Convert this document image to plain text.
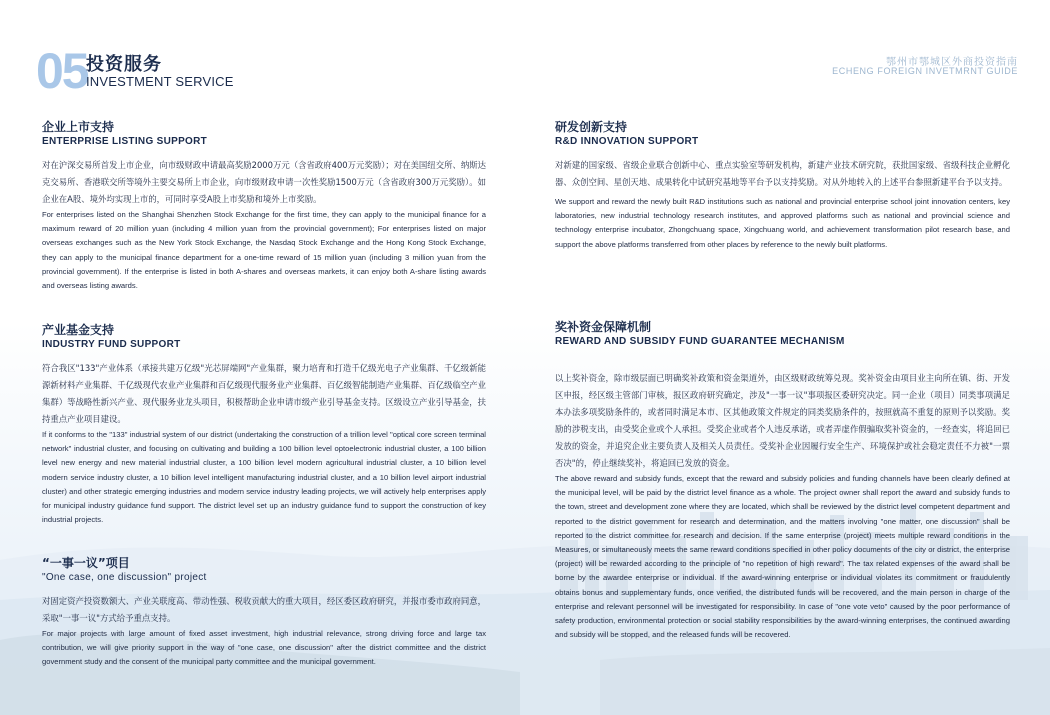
05
投资服务
INVESTMENT SERVICE
鄂州市鄂城区外商投资指南
ECHENG FOREIGN INVETMRNT GUIDE
企业上市支持
ENTERPRISE LISTING SUPPORT
对在沪深交易所首发上市企业，向市级财政申请最高奖励2000万元（含省政府400万元奖励）；对在美国纽交所、纳斯达克交易所、香港联交所等境外主要交易所上市企业，向市级财政申请一次性奖励1500万元（含省政府300万元奖励）。如企业在A股、境外均实现上市的，可同时享受A股上市奖励和境外上市奖励。
For enterprises listed on the Shanghai Shenzhen Stock Exchange for the first time, they can apply to the municipal finance for a maximum reward of 20 million yuan (including 4 million yuan from the provincial government); For enterprises listed on major overseas exchanges such as the New York Stock Exchange, the Nasdaq Stock Exchange and the Hong Kong Stock Exchange, they can apply to the municipal finance department for a one-time reward of 15 million yuan (including 3 million yuan from the provincial government). If the enterprise is listed in both A-shares and overseas markets, it can enjoy both A-share listing awards and overseas listing awards.
产业基金支持
INDUSTRY FUND SUPPORT
符合我区"133"产业体系（承接共建万亿级"光芯屏端网"产业集群，聚力培育和打造千亿级光电子产业集群、千亿级新能源新材料产业集群、千亿级现代农业产业集群和百亿级现代服务业产业集群、百亿级智能制造产业集群、百亿级临空产业集群）等战略性新兴产业、现代服务业龙头项目，积极帮助企业申请市级产业引导基金支持。区级设立产业引导基金，扶持重点产业项目建设。
If it conforms to the "133" industrial system of our district (undertaking the construction of a trillion level "optical core screen terminal network" industrial cluster, and focusing on cultivating and building a 100 billion level optoelectronic industrial cluster, a 100 billion level new energy and new material industrial cluster, a 100 billion level modern agricultural industrial cluster, a 10 billion level modern service industry cluster, a 10 billion level intelligent manufacturing industrial cluster, and a 10 billion level airport industrial cluster) and other strategic emerging industries and modern service industry leading projects, we will actively help enterprises apply for municipal industry guidance fund support. The district level set up an industry guidance fund to support the construction of key industrial projects.
“一事一议”项目
"One case, one discussion" project
对固定资产投资数额大、产业关联度高、带动性强、税收贡献大的重大项目，经区委区政府研究，并报市委市政府同意，采取"一事一议"方式给予重点支持。
For major projects with large amount of fixed asset investment, high industrial relevance, strong driving force and large tax contribution, we will give priority support in the way of "one case, one discussion" after the district committee and the district government study and the consent of the municipal party committee and the municipal government.
研发创新支持
R&D INNOVATION SUPPORT
对新建的国家级、省级企业联合创新中心、重点实验室等研发机构，新建产业技术研究院，获批国家级、省级科技企业孵化器、众创空间、星创天地、成果转化中试研究基地等平台予以支持奖励。对从外地转入的上述平台参照新建平台予以支持。
We support and reward the newly built R&D institutions such as national and provincial enterprise school joint innovation centers, key laboratories, new industrial technology research institutes, and approved platforms such as national and provincial science and technology enterprise incubator, Zhongchuang space, Xingchuang world, and achievement transformation pilot research base, and support the above platforms transferred from other places by reference to the newly built platforms.
奖补资金保障机制
REWARD AND SUBSIDY FUND GUARANTEE MECHANISM
以上奖补资金，除市级层面已明确奖补政策和资金渠道外，由区级财政统筹兑现。奖补资金由项目业主向所在镇、街、开发区申报，经区级主管部门审核，报区政府研究确定，涉及"一事一议"事项报区委研究决定。同一企业（项目）同类事项满足本办法多项奖励条件的，或者同时满足本市、区其他政策文件规定的同类奖励条件的，按照就高不重复的原则予以奖励。奖励的涉税支出，由受奖企业或个人承担。受奖企业或者个人违反承诺，或者弄虚作假骗取奖补资金的，一经查实，将追回已发放的资金，并追究企业主要负责人及相关人员责任。受奖补企业因履行安全生产、环境保护或社会稳定责任不力被"一票否决"的，停止继续奖补，将追回已发放的资金。
The above reward and subsidy funds, except that the reward and subsidy policies and funding channels have been clearly defined at the municipal level, will be paid by the district level finance as a whole. The project owner shall report the award and subsidy funds to the town, street and development zone where they are located, which shall be reviewed by the district level competent department and reported to the district government for research and determination, and the matters involving "one matter, one discussion" shall be reported to the district committee for research and decision. If the same enterprise (project) meets multiple reward conditions in the Measures, or simultaneously meets the same reward conditions specified in other policy documents of the city or district, the enterprise (project) will be rewarded according to the principle of "no repetition of high reward". The tax related expenses of the award shall be borne by the awardee enterprise or individual. If the award-winning enterprise or individual violates its commitment or fraudulently obtains bonus and supplementary funds, once verified, the distributed funds will be recovered, and the main person in charge of the enterprise and relevant personnel will be investigated for responsibility. In case of "one vote veto" caused by the poor performance of safety production, environmental protection or social stability responsibilities by the award-winning enterprises, the continued awarding and subsidy will be stopped, and the released funds will be recovered.
